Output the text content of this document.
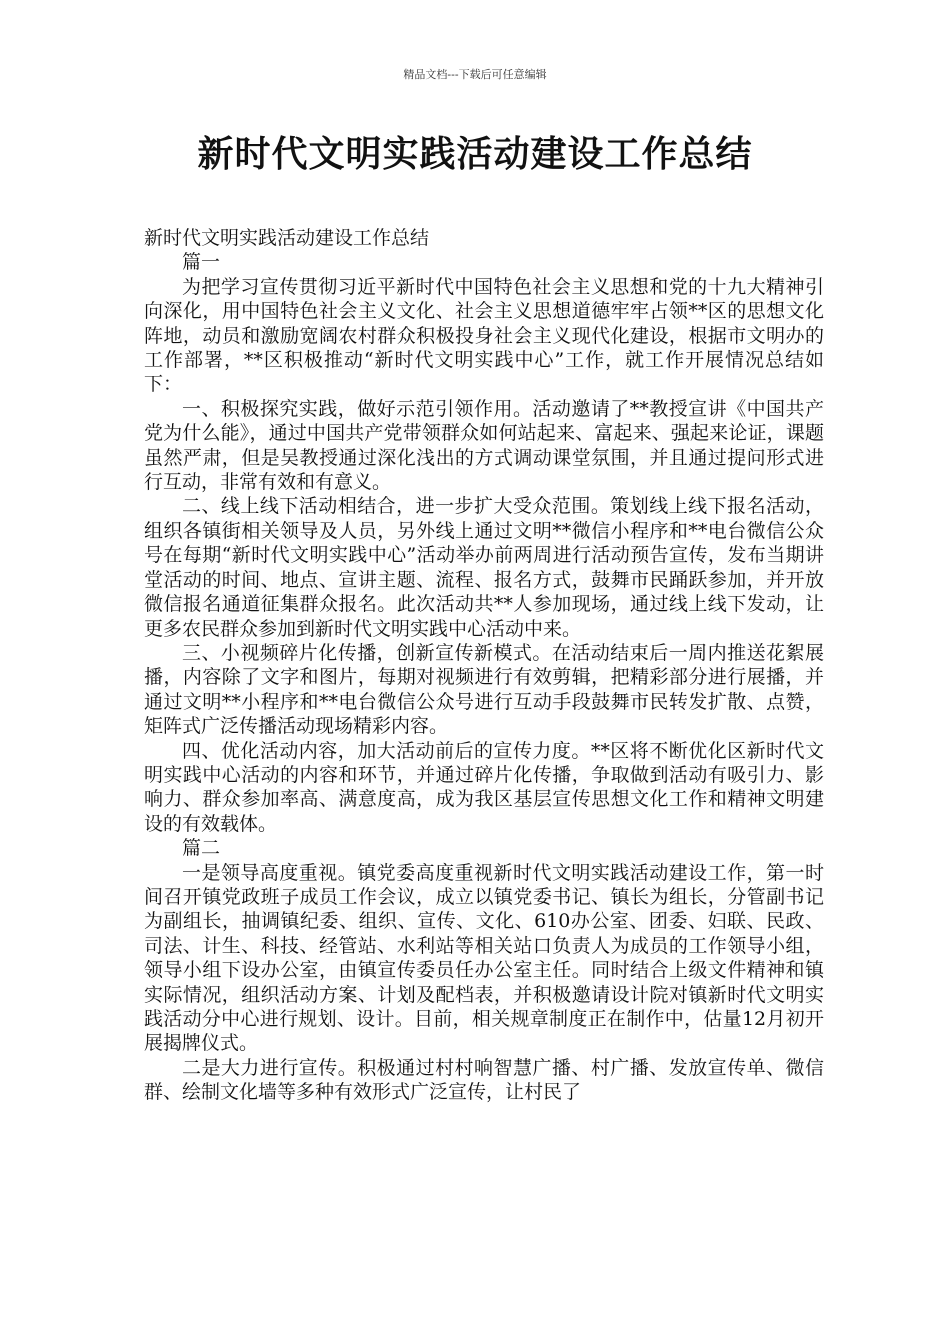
精品文档---下载后可任意编辑
新时代文明实践活动建设工作总结

新时代文明实践活动建设工作总结

篇一

为把学习宣传贯彻习近平新时代中国特色社会主义思想和党的十九大精神引向深化，用中国特色社会主义文化、社会主义思想道德牢牢占领**区的思想文化阵地，动员和激励宽阔农村群众积极投身社会主义现代化建设，根据市文明办的工作部署，**区积极推动“新时代文明实践中心”工作，就工作开展情况总结如下：

一、积极探究实践，做好示范引领作用。活动邀请了**教授宣讲《中国共产党为什么能》，通过中国共产党带领群众如何站起来、富起来、强起来论证，课题虽然严肃，但是吴教授通过深化浅出的方式调动课堂氛围，并且通过提问形式进行互动，非常有效和有意义。

二、线上线下活动相结合，进一步扩大受众范围。策划线上线下报名活动，组织各镇街相关领导及人员，另外线上通过文明**微信小程序和**电台微信公众号在每期“新时代文明实践中心”活动举办前两周进行活动预告宣传，发布当期讲堂活动的时间、地点、宣讲主题、流程、报名方式，鼓舞市民踊跃参加，并开放微信报名通道征集群众报名。此次活动共**人参加现场，通过线上线下发动，让更多农民群众参加到新时代文明实践中心活动中来。

三、小视频碎片化传播，创新宣传新模式。在活动结束后一周内推送花絮展播，内容除了文字和图片，每期对视频进行有效剪辑，把精彩部分进行展播，并通过文明**小程序和**电台微信公众号进行互动手段鼓舞市民转发扩散、点赞，矩阵式广泛传播活动现场精彩内容。

四、优化活动内容，加大活动前后的宣传力度。**区将不断优化区新时代文明实践中心活动的内容和环节，并通过碎片化传播，争取做到活动有吸引力、影响力、群众参加率高、满意度高，成为我区基层宣传思想文化工作和精神文明建设的有效载体。

篇二

一是领导高度重视。镇党委高度重视新时代文明实践活动建设工作，第一时间召开镇党政班子成员工作会议，成立以镇党委书记、镇长为组长，分管副书记为副组长，抽调镇纪委、组织、宣传、文化、610办公室、团委、妇联、民政、司法、计生、科技、经管站、水利站等相关站口负责人为成员的工作领导小组，领导小组下设办公室，由镇宣传委员任办公室主任。同时结合上级文件精神和镇实际情况，组织活动方案、计划及配档表，并积极邀请设计院对镇新时代文明实践活动分中心进行规划、设计。目前，相关规章制度正在制作中，估量12月初开展揭牌仪式。

二是大力进行宣传。积极通过村村响智慧广播、村广播、发放宣传单、微信群、绘制文化墙等多种有效形式广泛宣传，让村民了
